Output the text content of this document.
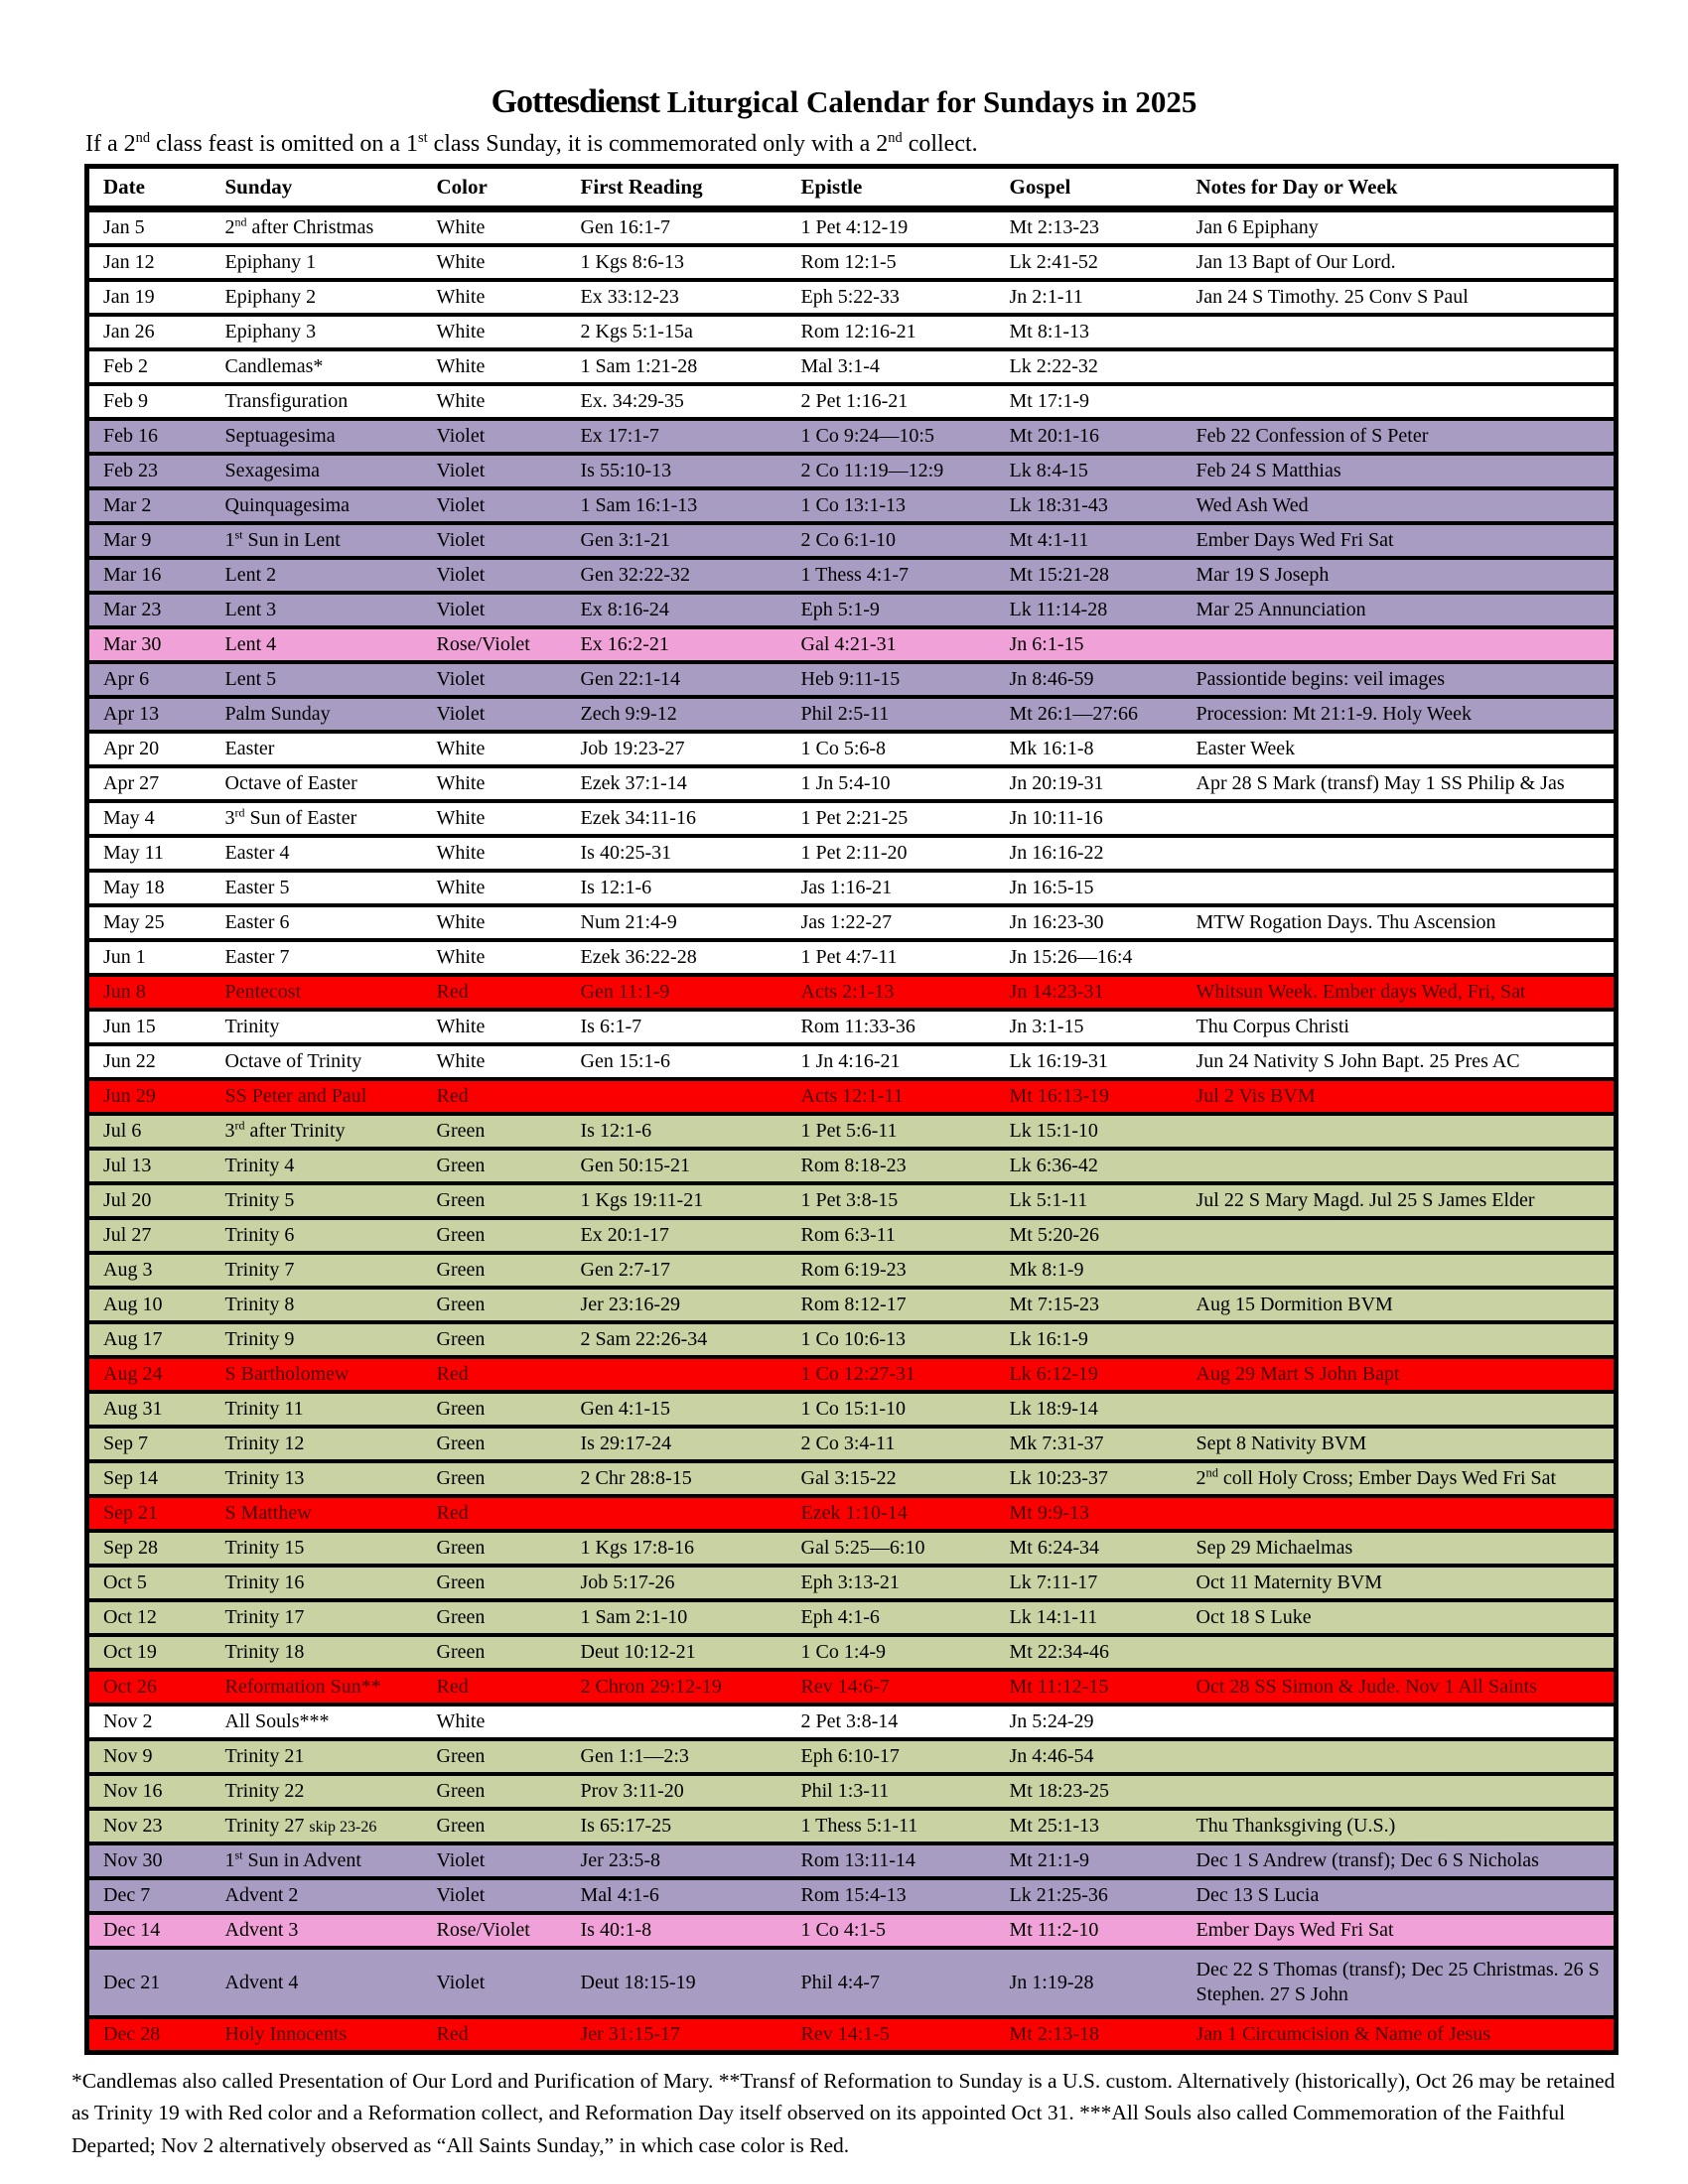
Gottesdienst Liturgical Calendar for Sundays in 2025
If a 2nd class feast is omitted on a 1st class Sunday, it is commemorated only with a 2nd collect.
Date	Sunday	Color	First Reading	Epistle	Gospel	Notes for Day or Week
Jan 5	2nd after Christmas	White	Gen 16:1-7	1 Pet 4:12-19	Mt 2:13-23	Jan 6 Epiphany
Jan 12	Epiphany 1	White	1 Kgs 8:6-13	Rom 12:1-5	Lk 2:41-52	Jan 13 Bapt of Our Lord.
Jan 19	Epiphany 2	White	Ex 33:12-23	Eph 5:22-33	Jn 2:1-11	Jan 24 S Timothy. 25 Conv S Paul
Jan 26	Epiphany 3	White	2 Kgs 5:1-15a	Rom 12:16-21	Mt 8:1-13	
Feb 2	Candlemas*	White	1 Sam 1:21-28	Mal 3:1-4	Lk 2:22-32	
Feb 9	Transfiguration	White	Ex. 34:29-35	2 Pet 1:16-21	Mt 17:1-9	
Feb 16	Septuagesima	Violet	Ex 17:1-7	1 Co 9:24—10:5	Mt 20:1-16	Feb 22 Confession of S Peter
Feb 23	Sexagesima	Violet	Is 55:10-13	2 Co 11:19—12:9	Lk 8:4-15	Feb 24 S Matthias
Mar 2	Quinquagesima	Violet	1 Sam 16:1-13	1 Co 13:1-13	Lk 18:31-43	Wed Ash Wed
Mar 9	1st Sun in Lent	Violet	Gen 3:1-21	2 Co 6:1-10	Mt 4:1-11	Ember Days Wed Fri Sat
Mar 16	Lent 2	Violet	Gen 32:22-32	1 Thess 4:1-7	Mt 15:21-28	Mar 19 S Joseph
Mar 23	Lent 3	Violet	Ex 8:16-24	Eph 5:1-9	Lk 11:14-28	Mar 25 Annunciation
Mar 30	Lent 4	Rose/Violet	Ex 16:2-21	Gal 4:21-31	Jn 6:1-15	
Apr 6	Lent 5	Violet	Gen 22:1-14	Heb 9:11-15	Jn 8:46-59	Passiontide begins: veil images
Apr 13	Palm Sunday	Violet	Zech 9:9-12	Phil 2:5-11	Mt 26:1—27:66	Procession: Mt 21:1-9. Holy Week
Apr 20	Easter	White	Job 19:23-27	1 Co 5:6-8	Mk 16:1-8	Easter Week
Apr 27	Octave of Easter	White	Ezek 37:1-14	1 Jn 5:4-10	Jn 20:19-31	Apr 28 S Mark (transf) May 1 SS Philip & Jas
May 4	3rd Sun of Easter	White	Ezek 34:11-16	1 Pet 2:21-25	Jn 10:11-16	
May 11	Easter 4	White	Is 40:25-31	1 Pet 2:11-20	Jn 16:16-22	
May 18	Easter 5	White	Is 12:1-6	Jas 1:16-21	Jn 16:5-15	
May 25	Easter 6	White	Num 21:4-9	Jas 1:22-27	Jn 16:23-30	MTW Rogation Days. Thu Ascension
Jun 1	Easter 7	White	Ezek 36:22-28	1 Pet 4:7-11	Jn 15:26—16:4	
Jun 8	Pentecost	Red	Gen 11:1-9	Acts 2:1-13	Jn 14:23-31	Whitsun Week. Ember days Wed, Fri, Sat
Jun 15	Trinity	White	Is 6:1-7	Rom 11:33-36	Jn 3:1-15	Thu Corpus Christi
Jun 22	Octave of Trinity	White	Gen 15:1-6	1 Jn 4:16-21	Lk 16:19-31	Jun 24 Nativity S John Bapt. 25 Pres AC
Jun 29	SS Peter and Paul	Red		Acts 12:1-11	Mt 16:13-19	Jul 2 Vis BVM
Jul 6	3rd after Trinity	Green	Is 12:1-6	1 Pet 5:6-11	Lk 15:1-10	
Jul 13	Trinity 4	Green	Gen 50:15-21	Rom 8:18-23	Lk 6:36-42	
Jul 20	Trinity 5	Green	1 Kgs 19:11-21	1 Pet 3:8-15	Lk 5:1-11	Jul 22 S Mary Magd. Jul 25 S James Elder
Jul 27	Trinity 6	Green	Ex 20:1-17	Rom 6:3-11	Mt 5:20-26	
Aug 3	Trinity 7	Green	Gen 2:7-17	Rom 6:19-23	Mk 8:1-9	
Aug 10	Trinity 8	Green	Jer 23:16-29	Rom 8:12-17	Mt 7:15-23	Aug 15 Dormition BVM
Aug 17	Trinity 9	Green	2 Sam 22:26-34	1 Co 10:6-13	Lk 16:1-9	
Aug 24	S Bartholomew	Red		1 Co 12:27-31	Lk 6:12-19	Aug 29 Mart S John Bapt
Aug 31	Trinity 11	Green	Gen 4:1-15	1 Co 15:1-10	Lk 18:9-14	
Sep 7	Trinity 12	Green	Is 29:17-24	2 Co 3:4-11	Mk 7:31-37	Sept 8 Nativity BVM
Sep 14	Trinity 13	Green	2 Chr 28:8-15	Gal 3:15-22	Lk 10:23-37	2nd coll Holy Cross; Ember Days Wed Fri Sat
Sep 21	S Matthew	Red		Ezek 1:10-14	Mt 9:9-13	
Sep 28	Trinity 15	Green	1 Kgs 17:8-16	Gal 5:25—6:10	Mt 6:24-34	Sep 29 Michaelmas
Oct 5	Trinity 16	Green	Job 5:17-26	Eph 3:13-21	Lk 7:11-17	Oct 11 Maternity BVM
Oct 12	Trinity 17	Green	1 Sam 2:1-10	Eph 4:1-6	Lk 14:1-11	Oct 18 S Luke
Oct 19	Trinity 18	Green	Deut 10:12-21	1 Co 1:4-9	Mt 22:34-46	
Oct 26	Reformation Sun**	Red	2 Chron 29:12-19	Rev 14:6-7	Mt 11:12-15	Oct 28 SS Simon & Jude. Nov 1 All Saints
Nov 2	All Souls***	White		2 Pet 3:8-14	Jn 5:24-29	
Nov 9	Trinity 21	Green	Gen 1:1—2:3	Eph 6:10-17	Jn 4:46-54	
Nov 16	Trinity 22	Green	Prov 3:11-20	Phil 1:3-11	Mt 18:23-25	
Nov 23	Trinity 27 skip 23-26	Green	Is 65:17-25	1 Thess 5:1-11	Mt 25:1-13	Thu Thanksgiving (U.S.)
Nov 30	1st Sun in Advent	Violet	Jer 23:5-8	Rom 13:11-14	Mt 21:1-9	Dec 1 S Andrew (transf); Dec 6 S Nicholas
Dec 7	Advent 2	Violet	Mal 4:1-6	Rom 15:4-13	Lk 21:25-36	Dec 13 S Lucia
Dec 14	Advent 3	Rose/Violet	Is 40:1-8	1 Co 4:1-5	Mt 11:2-10	Ember Days Wed Fri Sat
Dec 21	Advent 4	Violet	Deut 18:15-19	Phil 4:4-7	Jn 1:19-28	Dec 22 S Thomas (transf); Dec 25 Christmas. 26 S Stephen. 27 S John
Dec 28	Holy Innocents	Red	Jer 31:15-17	Rev 14:1-5	Mt 2:13-18	Jan 1 Circumcision & Name of Jesus
*Candlemas also called Presentation of Our Lord and Purification of Mary. **Transf of Reformation to Sunday is a U.S. custom. Alternatively (historically), Oct 26 may be retained as Trinity 19 with Red color and a Reformation collect, and Reformation Day itself observed on its appointed Oct 31. ***All Souls also called Commemoration of the Faithful Departed; Nov 2 alternatively observed as “All Saints Sunday,” in which case color is Red.
